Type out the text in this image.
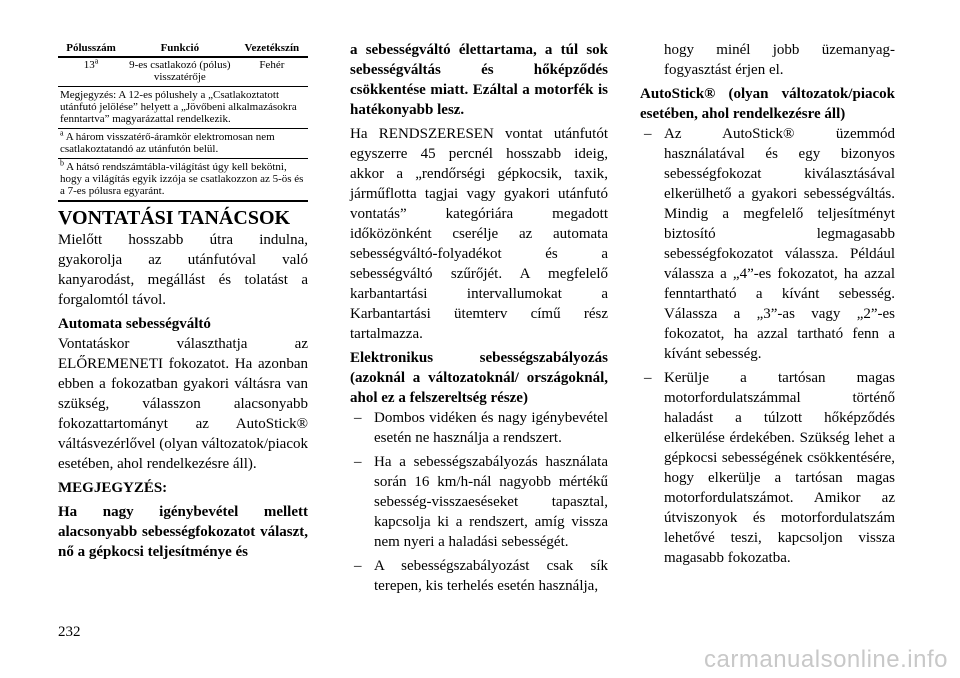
Pólusszám	Funkció	Vezetékszín
13$^a$	9-es csatlakozó (pólus) visszatérője	Fehér
Megjegyzés: A 12-es pólushely a „Csatlakoztatott utánfutó jelölése” helyett a „Jövőbeni alkalmazásokra fenntartva” magyarázattal rendelkezik.		
$^a$ A három visszatérő-áramkör elektromosan nem csatlakoztatandó az utánfutón belül.		
$^b$ A hátsó rendszámtábla-világítást úgy kell bekötni, hogy a világítás egyik izzója se csatlakozzon az 5-ös és a 7-es pólusra egyaránt.		
VONTATÁSI TANÁCSOK

Mielőtt hosszabb útra indulna, gyakorolja az utánfutóval való kanyarodást, megállást és tolatást a forgalomtól távol.

Automata sebességváltó

Vontatáskor választhatja az ELŐREMENETI fokozatot. Ha azonban ebben a fokozatban gyakori váltásra van szükség, válasszon alacsonyabb fokozattartományt az AutoStick® váltásvezérlővel (olyan változatok/piacok esetében, ahol rendelkezésre áll).

MEGJEGYZÉS:

Ha nagy igénybevétel mellett alacsonyabb sebességfokozatot választ, nő a gépkocsi teljesítménye és

a sebességváltó élettartama, a túl sok sebességváltás és hőképződés csökkentése miatt. Ezáltal a motorfék is hatékonyabb lesz.

Ha RENDSZERESEN vontat utánfutót egyszerre 45 percnél hosszabb ideig, akkor a „rendőrségi gépkocsik, taxik, járműflotta tagjai vagy gyakori utánfutó vontatás” kategóriára megadott időközönként cserélje az automata sebességváltó-folyadékot és a sebességváltó szűrőjét. A megfelelő karbantartási intervallumokat a Karbantartási ütemterv című rész tartalmazza.

Elektronikus sebességszabályozás (azoknál a változatoknál/ országoknál, ahol ez a felszereltség része)

– Dombos vidéken és nagy igénybevétel esetén ne használja a rendszert.
– Ha a sebességszabályozás használata során 16 km/h-nál nagyobb mértékű sebesség-visszaeséseket tapasztal, kapcsolja ki a rendszert, amíg vissza nem nyeri a haladási sebességét.
– A sebességszabályozást csak sík terepen, kis terhelés esetén használja,

hogy minél jobb üzemanyag-fogyasztást érjen el.

AutoStick® (olyan változatok/piacok esetében, ahol rendelkezésre áll)

– Az AutoStick® üzemmód használatával és egy bizonyos sebességfokozat kiválasztásával elkerülhető a gyakori sebességváltás. Mindig a megfelelő teljesítményt biztosító legmagasabb sebességfokozatot válassza. Például válassza a „4”-es fokozatot, ha azzal fenntartható a kívánt sebesség. Válassza a „3”-as vagy „2”-es fokozatot, ha azzal tartható fenn a kívánt sebesség.
– Kerülje a tartósan magas motorfordulatszámmal történő haladást a túlzott hőképződés elkerülése érdekében. Szükség lehet a gépkocsi sebességének csökkentésére, hogy elkerülje a tartósan magas motorfordulatszámot. Amikor az útviszonyok és motorfordulatszám lehetővé teszi, kapcsoljon vissza magasabb fokozatba.
232
carmanualsonline.info
